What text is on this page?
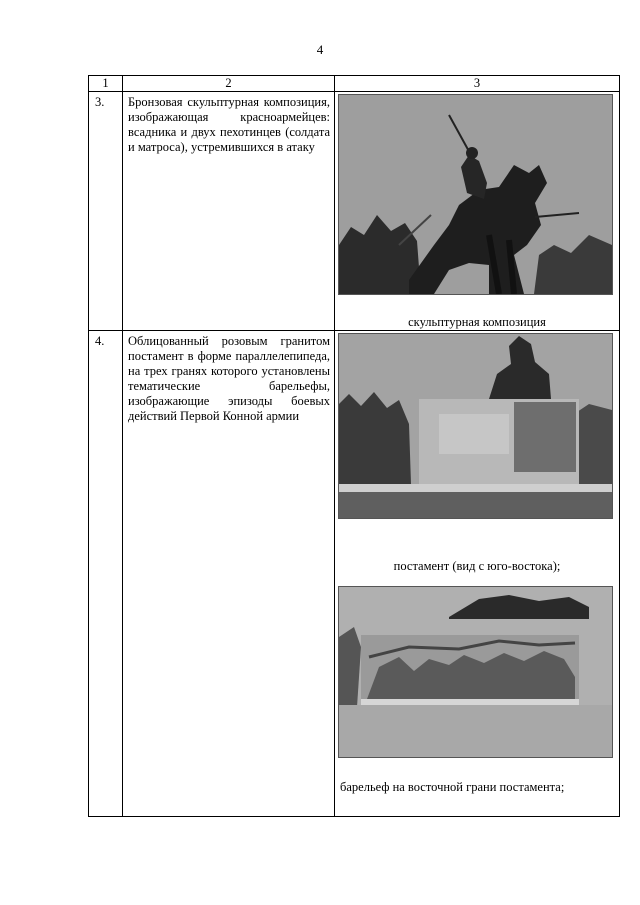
4
1	2	3
3.	Бронзовая скульптурная композиция, изображающая красноармейцев: всадника и двух пехотинцев (солдата и матроса), устремившихся в атаку	скульптурная композиция

4.	Облицованный розовым гранитом постамент в форме параллелепипеда, на трех гранях которого установлены тематические барельефы, изображающие эпизоды боевых действий Первой Конной армии	постамент (вид с юго-востока);
барельеф на восточной грани постамента;
